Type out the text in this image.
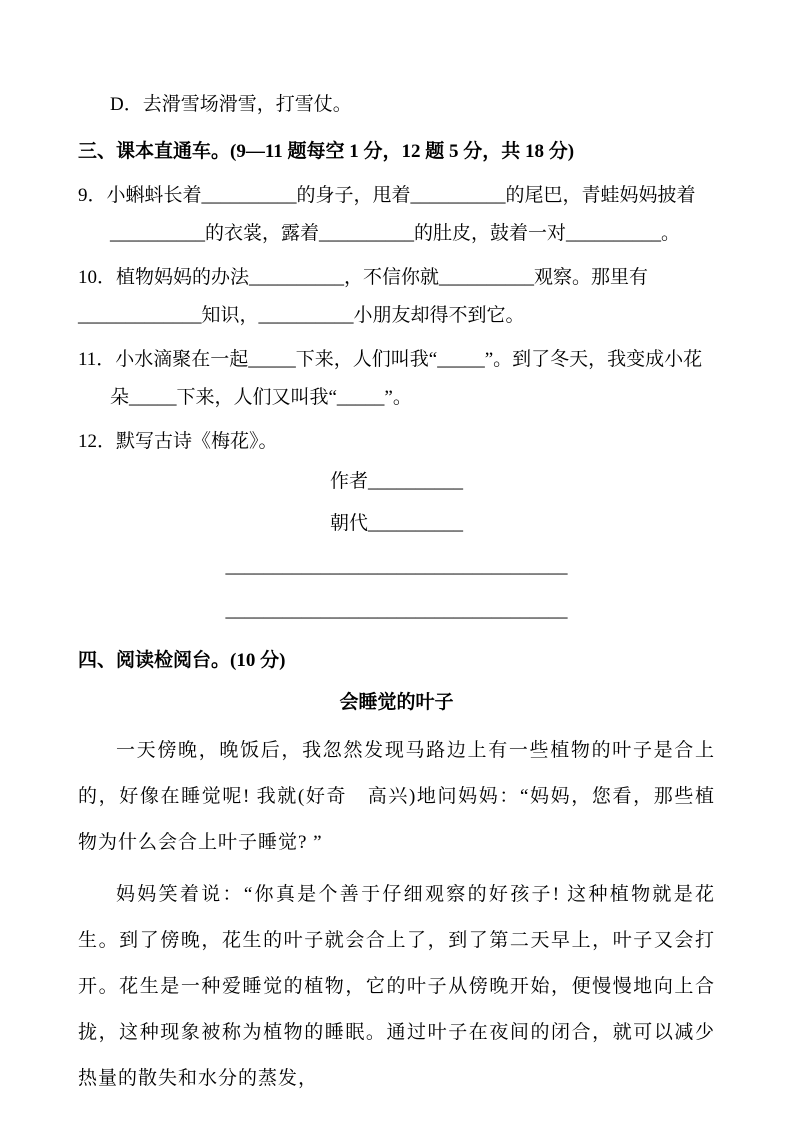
D．去滑雪场滑雪，打雪仗。
三、课本直通车。(9—11 题每空 1 分，12 题 5 分，共 18 分)
9．小蝌蚪长着__________的身子，甩着__________的尾巴，青蛙妈妈披着
__________的衣裳，露着__________的肚皮，鼓着一对__________。
10．植物妈妈的办法__________，不信你就__________观察。那里有
_____________知识，__________小朋友却得不到它。
11．小水滴聚在一起_____下来，人们叫我“_____”。到了冬天，我变成小花
朵_____下来，人们又叫我“_____”。
12．默写古诗《梅花》。
作者__________
朝代__________
____________________________________
____________________________________
四、阅读检阅台。(10 分)
会睡觉的叶子
一天傍晚，晚饭后，我忽然发现马路边上有一些植物的叶子是合上的，好像在睡觉呢! 我就(好奇　高兴)地问妈妈：“妈妈，您看，那些植物为什么会合上叶子睡觉? ”
妈妈笑着说：“你真是个善于仔细观察的好孩子! 这种植物就是花生。到了傍晚，花生的叶子就会合上了，到了第二天早上，叶子又会打开。花生是一种爱睡觉的植物，它的叶子从傍晚开始，便慢慢地向上合拢，这种现象被称为植物的睡眠。通过叶子在夜间的闭合，就可以减少热量的散失和水分的蒸发，
